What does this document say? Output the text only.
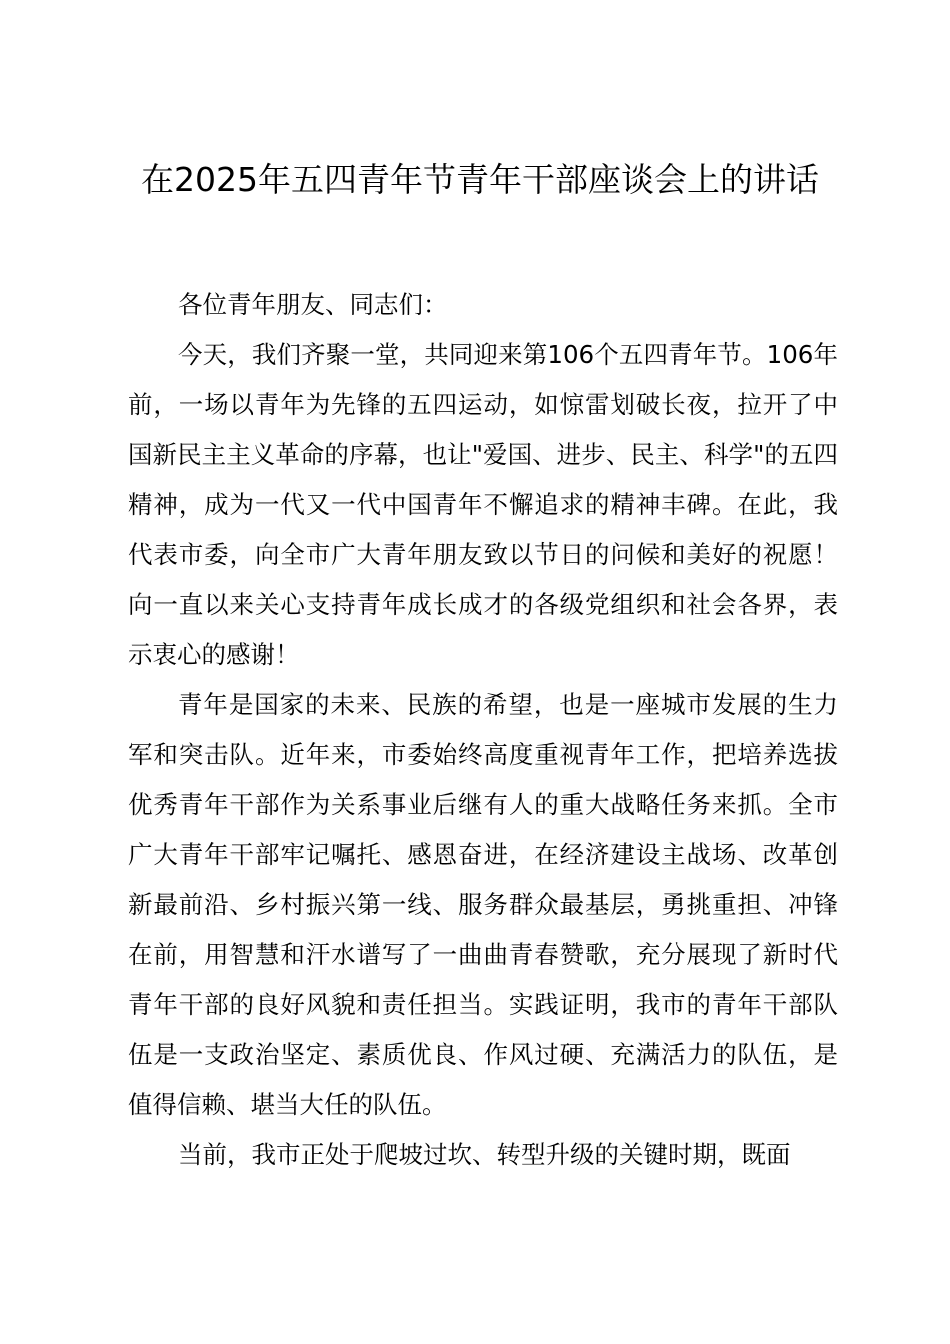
在2025年五四青年节青年干部座谈会上的讲话

各位青年朋友、同志们：

今天，我们齐聚一堂，共同迎来第106个五四青年节。106年前，一场以青年为先锋的五四运动，如惊雷划破长夜，拉开了中国新民主主义革命的序幕，也让"爱国、进步、民主、科学"的五四精神，成为一代又一代中国青年不懈追求的精神丰碑。在此，我代表市委，向全市广大青年朋友致以节日的问候和美好的祝愿！向一直以来关心支持青年成长成才的各级党组织和社会各界，表示衷心的感谢！

青年是国家的未来、民族的希望，也是一座城市发展的生力军和突击队。近年来，市委始终高度重视青年工作，把培养选拔优秀青年干部作为关系事业后继有人的重大战略任务来抓。全市广大青年干部牢记嘱托、感恩奋进，在经济建设主战场、改革创新最前沿、乡村振兴第一线、服务群众最基层，勇挑重担、冲锋在前，用智慧和汗水谱写了一曲曲青春赞歌，充分展现了新时代青年干部的良好风貌和责任担当。实践证明，我市的青年干部队伍是一支政治坚定、素质优良、作风过硬、充满活力的队伍，是值得信赖、堪当大任的队伍。

当前，我市正处于爬坡过坎、转型升级的关键时期，既面
